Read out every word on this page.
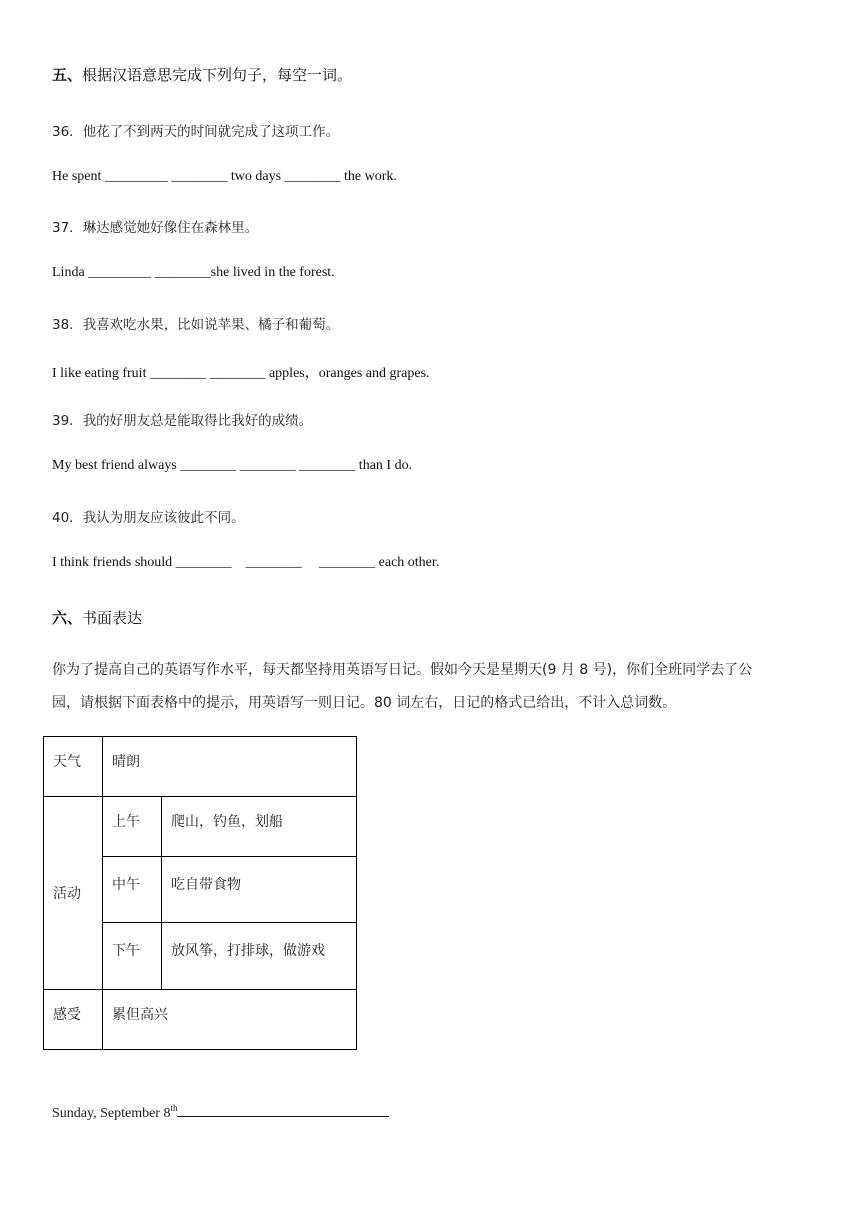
五、根据汉语意思完成下列句子，每空一词。
36．他花了不到两天的时间就完成了这项工作。
He spent _________ ________ two days ________ the work.
37．琳达感觉她好像住在森林里。
Linda _________ ________she lived in the forest.
38．我喜欢吃水果，比如说苹果、橘子和葡萄。
I like eating fruit ________ ________ apples，oranges and grapes.
39．我的好朋友总是能取得比我好的成绩。
My best friend always ________ ________ ________ than I do.
40．我认为朋友应该彼此不同。
I think friends should ________    ________     ________ each other.
六、书面表达
你为了提高自己的英语写作水平，每天都坚持用英语写日记。假如今天是星期天(9 月 8 号)，你们全班同学去了公
园，请根据下面表格中的提示，用英语写一则日记。80 词左右，日记的格式已给出，不计入总词数。
天气	晴朗	
活动	上午	爬山，钓鱼，划船
	中午	吃自带食物
	下午	放风筝，打排球，做游戏
感受	累但高兴	
Sunday, September 8th
